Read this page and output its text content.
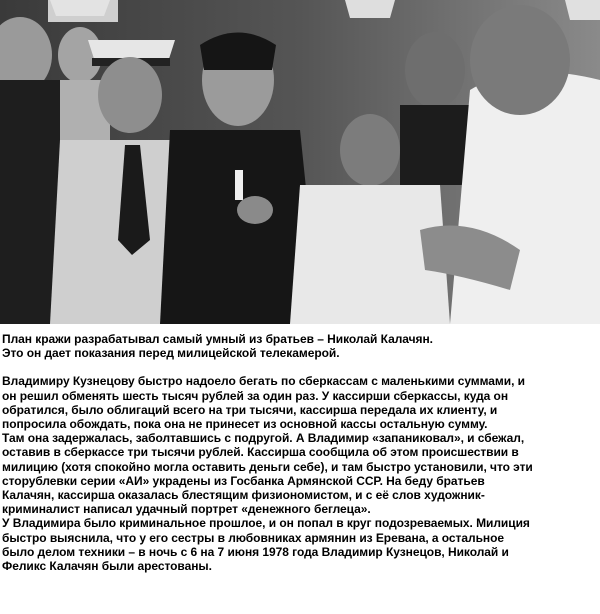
План кражи разрабатывал самый умный из братьев – Николай Калачян.

Это он дает показания перед милицейской телекамерой.

Владимиру Кузнецову быстро надоело бегать по сберкассам с маленькими суммами, и

он решил обменять шесть тысяч рублей за один раз. У кассирши сберкассы, куда он

обратился, было облигаций всего на три тысячи, кассирша передала их клиенту, и

попросила обождать, пока она не принесет из основной кассы остальную сумму.

Там она задержалась, заболтавшись с подругой. А Владимир «запаниковал», и сбежал,

оставив в сберкассе три тысячи рублей. Кассирша сообщила об этом происшествии в

милицию (хотя спокойно могла оставить деньги себе), и там быстро установили, что эти

сторублевки серии «АИ» украдены из Госбанка Армянской ССР. На беду братьев

Калачян, кассирша оказалась блестящим физиономистом, и с её слов художник-

криминалист написал удачный портрет «денежного беглеца».

У Владимира было криминальное прошлое, и он попал в круг подозреваемых. Милиция

быстро выяснила, что у его сестры в любовниках армянин из Еревана, а остальное

было делом техники – в ночь с 6 на 7 июня 1978 года Владимир Кузнецов, Николай и

Феликс Калачян были арестованы.
